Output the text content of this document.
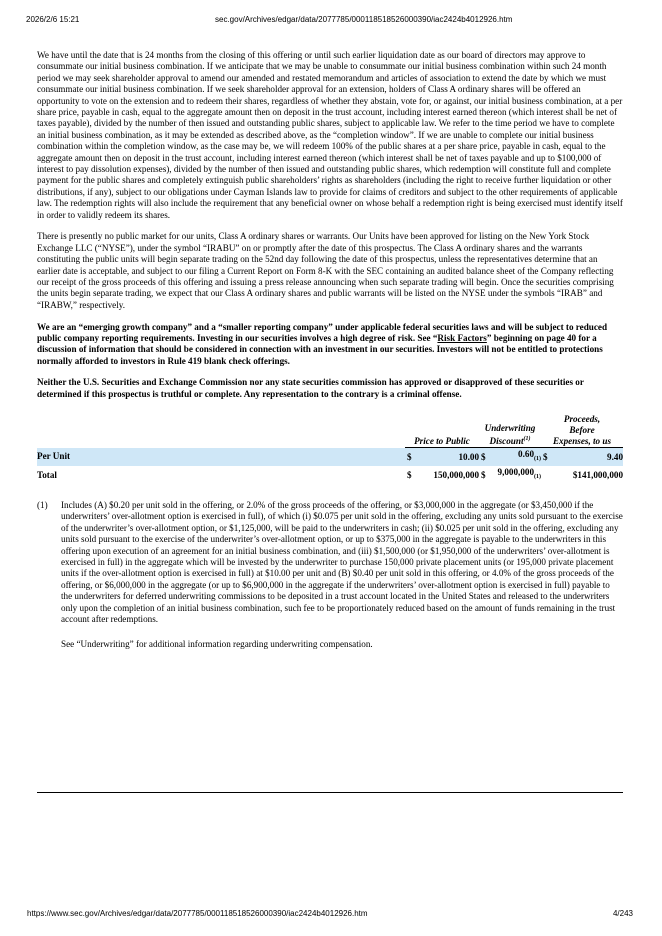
2026/2/6 15:21	sec.gov/Archives/edgar/data/2077785/000118518526000390/iac2424b4012926.htm

We have until the date that is 24 months from the closing of this offering or until such earlier liquidation date as our board of directors may approve to consummate our initial business combination. If we anticipate that we may be unable to consummate our initial business combination within such 24 month period we may seek shareholder approval to amend our amended and restated memorandum and articles of association to extend the date by which we must consummate our initial business combination. If we seek shareholder approval for an extension, holders of Class A ordinary shares will be offered an opportunity to vote on the extension and to redeem their shares, regardless of whether they abstain, vote for, or against, our initial business combination, at a per share price, payable in cash, equal to the aggregate amount then on deposit in the trust account, including interest earned thereon (which interest shall be net of taxes payable), divided by the number of then issued and outstanding public shares, subject to applicable law. We refer to the time period we have to complete an initial business combination, as it may be extended as described above, as the “completion window”. If we are unable to complete our initial business combination within the completion window, as the case may be, we will redeem 100% of the public shares at a per share price, payable in cash, equal to the aggregate amount then on deposit in the trust account, including interest earned thereon (which interest shall be net of taxes payable and up to $100,000 of interest to pay dissolution expenses), divided by the number of then issued and outstanding public shares, which redemption will constitute full and complete payment for the public shares and completely extinguish public shareholders’ rights as shareholders (including the right to receive further liquidation or other distributions, if any), subject to our obligations under Cayman Islands law to provide for claims of creditors and subject to the other requirements of applicable law. The redemption rights will also include the requirement that any beneficial owner on whose behalf a redemption right is being exercised must identify itself in order to validly redeem its shares.

There is presently no public market for our units, Class A ordinary shares or warrants. Our Units have been approved for listing on the New York Stock Exchange LLC (“NYSE”), under the symbol “IRABU” on or promptly after the date of this prospectus. The Class A ordinary shares and the warrants constituting the public units will begin separate trading on the 52nd day following the date of this prospectus, unless the representatives determine that an earlier date is acceptable, and subject to our filing a Current Report on Form 8-K with the SEC containing an audited balance sheet of the Company reflecting our receipt of the gross proceeds of this offering and issuing a press release announcing when such separate trading will begin. Once the securities comprising the units begin separate trading, we expect that our Class A ordinary shares and public warrants will be listed on the NYSE under the symbols “IRAB” and “IRABW,” respectively.

We are an “emerging growth company” and a “smaller reporting company” under applicable federal securities laws and will be subject to reduced public company reporting requirements. Investing in our securities involves a high degree of risk. See “Risk Factors” beginning on page 40 for a discussion of information that should be considered in connection with an investment in our securities. Investors will not be entitled to protections normally afforded to investors in Rule 419 blank check offerings.

Neither the U.S. Securities and Exchange Commission nor any state securities commission has approved or disapproved of these securities or determined if this prospectus is truthful or complete. Any representation to the contrary is a criminal offense.

	Price to Public		Underwriting Discount$^{(1)}$		Proceeds, Before Expenses, to us	
Per Unit	$	10.00	$	$0.60_{(1)}$	$	9.40
Total	$	150,000,000	$	$9,000,000_{(1)}$		$141,000,000
(1)	Includes (A) $0.20 per unit sold in the offering, or 2.0% of the gross proceeds of the offering, or $3,000,000 in the aggregate (or $3,450,000 if the underwriters’ over-allotment option is exercised in full), of which (i) $0.075 per unit sold in the offering, excluding any units sold pursuant to the exercise of the underwriter’s over-allotment option, or $1,125,000, will be paid to the underwriters in cash; (ii) $0.025 per unit sold in the offering, excluding any units sold pursuant to the exercise of the underwriter’s over-allotment option, or up to $375,000 in the aggregate is payable to the underwriters in this offering upon execution of an agreement for an initial business combination, and (iii) $1,500,000 (or $1,950,000 of the underwriters’ over-allotment is exercised in full) in the aggregate which will be invested by the underwriter to purchase 150,000 private placement units (or 195,000 private placement units if the over-allotment option is exercised in full) at $10.00 per unit and (B) $0.40 per unit sold in this offering, or 4.0% of the gross proceeds of the offering, or $6,000,000 in the aggregate (or up to $6,900,000 in the aggregate if the underwriters’ over-allotment option is exercised in full) payable to the underwriters for deferred underwriting commissions to be deposited in a trust account located in the United States and released to the underwriters only upon the completion of an initial business combination, such fee to be proportionately reduced based on the amount of funds remaining in the trust account after redemptions.
See “Underwriting” for additional information regarding underwriting compensation.
https://www.sec.gov/Archives/edgar/data/2077785/000118518526000390/iac2424b4012926.htm	4/243
